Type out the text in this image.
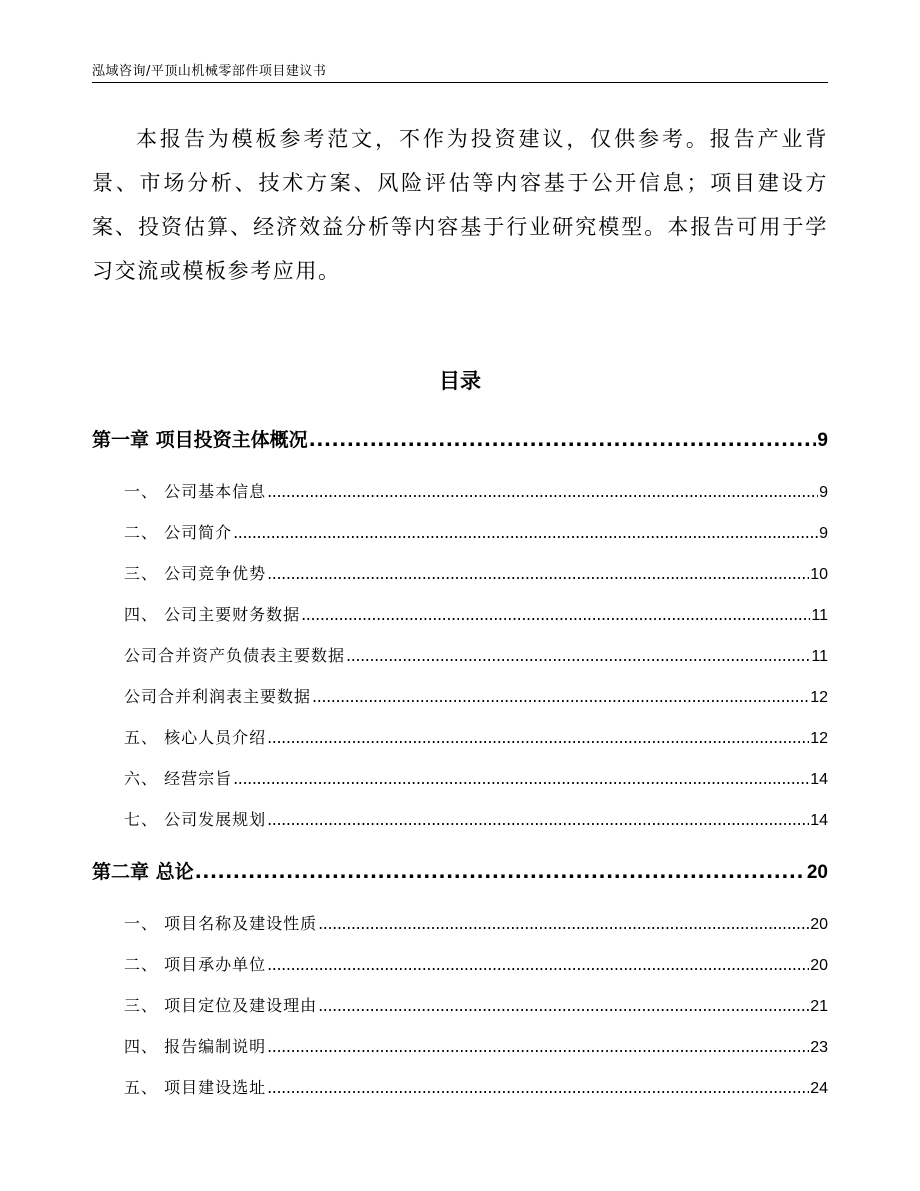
泓域咨询/平顶山机械零部件项目建议书

本报告为模板参考范文，不作为投资建议，仅供参考。报告产业背景、市场分析、技术方案、风险评估等内容基于公开信息；项目建设方案、投资估算、经济效益分析等内容基于行业研究模型。本报告可用于学习交流或模板参考应用。

目录
第一章 项目投资主体概况 .....	9
一、 公司基本信息 .....	9
二、 公司简介 .....	9
三、 公司竞争优势 .....	10
四、 公司主要财务数据 .....	11
公司合并资产负债表主要数据 .....	11
公司合并利润表主要数据 .....	12
五、 核心人员介绍 .....	12
六、 经营宗旨 .....	14
七、 公司发展规划 .....	14
第二章 总论 .....	20
一、 项目名称及建设性质 .....	20
二、 项目承办单位 .....	20
三、 项目定位及建设理由 .....	21
四、 报告编制说明 .....	23
五、 项目建设选址 .....	24
